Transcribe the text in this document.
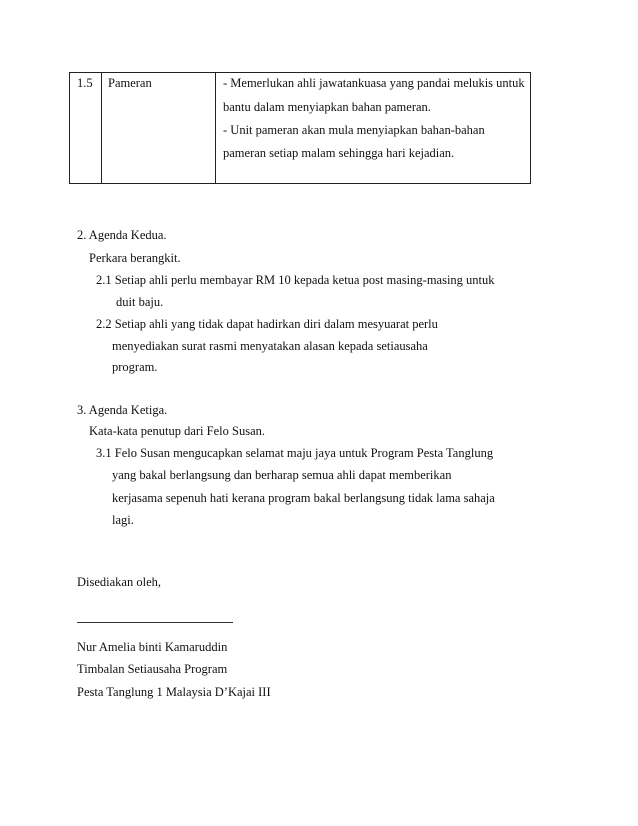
1.5 Pameran	- Memerlukan ahli jawatankuasa yang pandai melukis untuk
bantu dalam menyiapkan bahan pameran.
- Unit pameran akan mula menyiapkan bahan-bahan
pameran setiap malam sehingga hari kejadian.
2. Agenda Kedua.
Perkara berangkit.
2.1 Setiap ahli perlu membayar RM 10 kepada ketua post masing-masing untuk
duit baju.
2.2 Setiap ahli yang tidak dapat hadirkan diri dalam mesyuarat perlu
menyediakan surat rasmi menyatakan alasan kepada setiausaha
program.
3. Agenda Ketiga.
Kata-kata penutup dari Felo Susan.
3.1 Felo Susan mengucapkan selamat maju jaya untuk Program Pesta Tanglung
yang bakal berlangsung dan berharap semua ahli dapat memberikan
kerjasama sepenuh hati kerana program bakal berlangsung tidak lama sahaja
lagi.
Disediakan oleh,
Nur Amelia binti Kamaruddin
Timbalan Setiausaha Program
Pesta Tanglung 1 Malaysia D’Kajai III
